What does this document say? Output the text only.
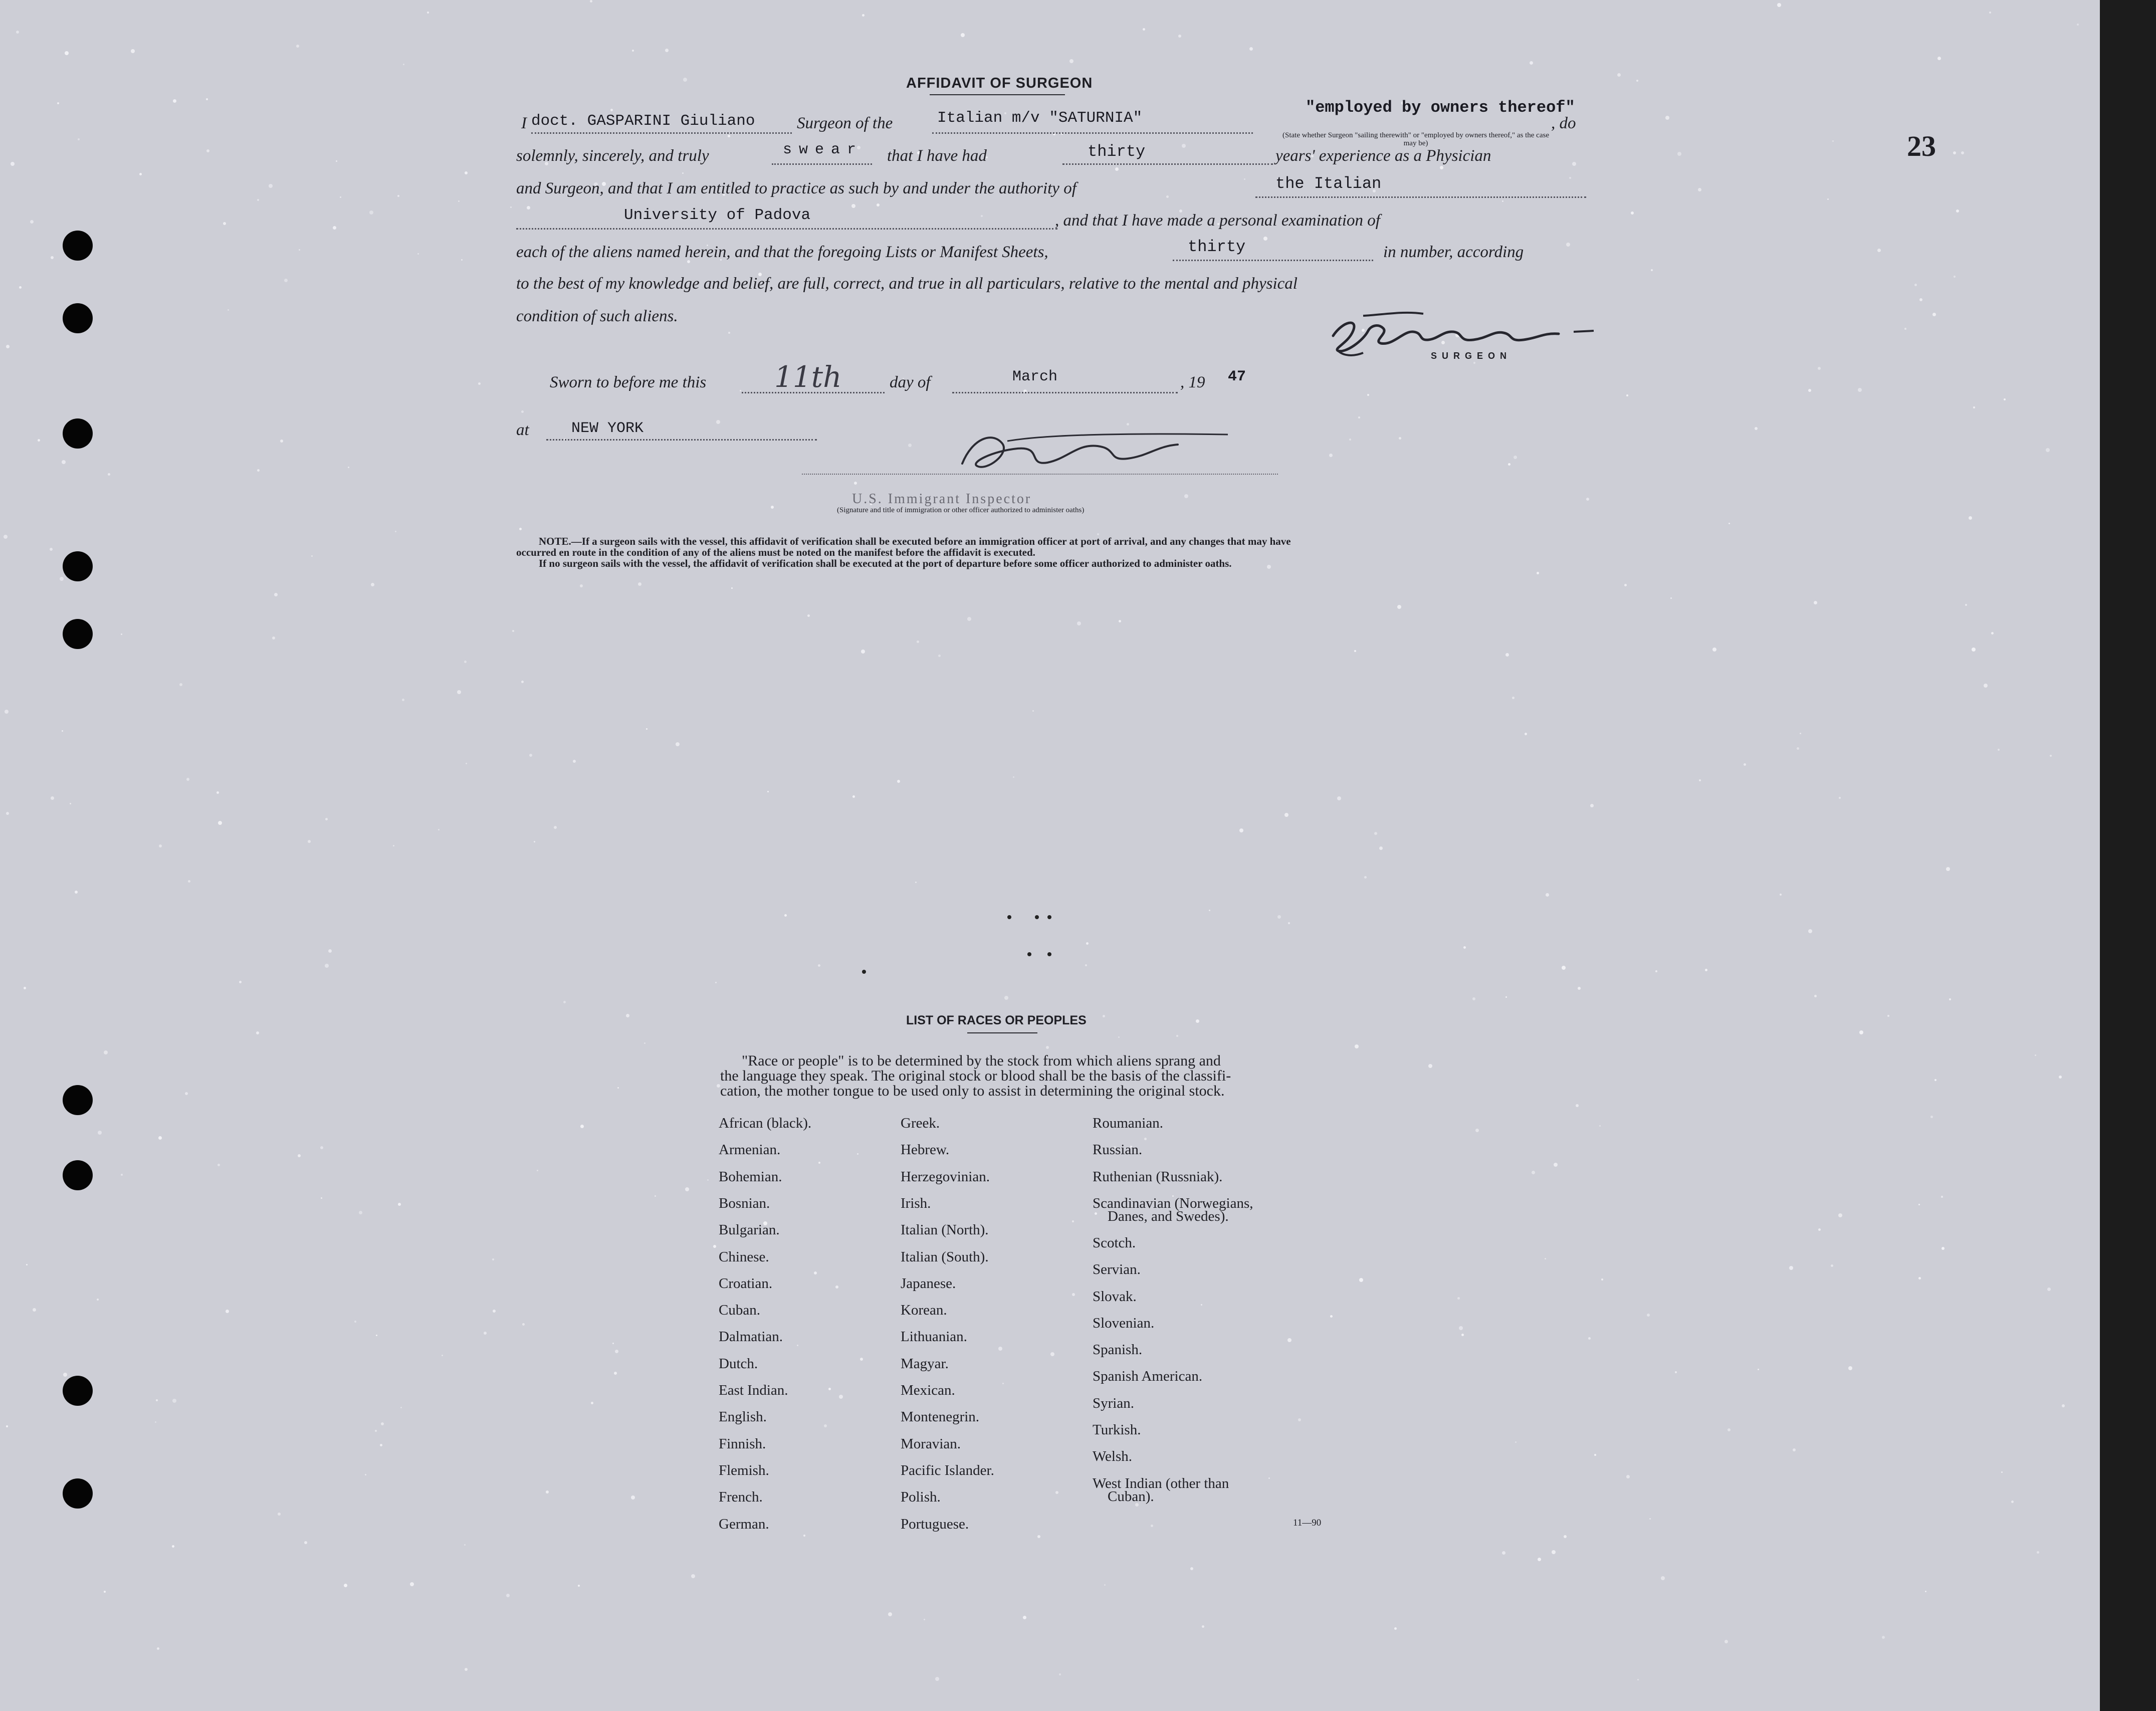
23
AFFIDAVIT OF SURGEON
I doct. GASPARINI Giuliano	Surgeon of the	Italian m/v "SATURNIA"
"employed by owners thereof"
, do
(State whether Surgeon "sailing therewith" or "employed by owners thereof," as the case may be)
solemnly, sincerely, and truly	swear that I have had	thirty	years' experience as a Physician
and Surgeon, and that I am entitled to practice as such by and under the authority of	the Italian
University of Padova	, and that I have made a personal examination of
each of the aliens named herein, and that the foregoing Lists or Manifest Sheets,	thirty	in number, according
to the best of my knowledge and belief, are full, correct, and true in all particulars, relative to the mental and physical
condition of such aliens.
SURGEON
Sworn to before me this 11th	day of	March	, 19 47
at	NEW YORK
U.S. Immigrant Inspector
(Signature and title of immigration or other officer authorized to administer oaths)
NOTE.—If a surgeon sails with the vessel, this affidavit of verification shall be executed before an immigration officer at port of arrival, and any changes that may have
occurred en route in the condition of any of the aliens must be noted on the manifest before the affidavit is executed.
If no surgeon sails with the vessel, the affidavit of verification shall be executed at the port of departure before some officer authorized to administer oaths.
LIST OF RACES OR PEOPLES
"Race or people" is to be determined by the stock from which aliens sprang and
the language they speak. The original stock or blood shall be the basis of the classifi-
cation, the mother tongue to be used only to assist in determining the original stock.
African (black).
Armenian.
Bohemian.
Bosnian.
Bulgarian.
Chinese.
Croatian.
Cuban.
Dalmatian.
Dutch.
East Indian.
English.
Finnish.
Flemish.
French.
German.
Greek.
Hebrew.
Herzegovinian.
Irish.
Italian (North).
Italian (South).
Japanese.
Korean.
Lithuanian.
Magyar.
Mexican.
Montenegrin.
Moravian.
Pacific Islander.
Polish.
Portuguese.
Roumanian.
Russian.
Ruthenian (Russniak).
Scandinavian (Norwegians,
Danes, and Swedes).
Scotch.
Servian.
Slovak.
Slovenian.
Spanish.
Spanish American.
Syrian.
Turkish.
Welsh.
West Indian (other than
Cuban).
11—90
